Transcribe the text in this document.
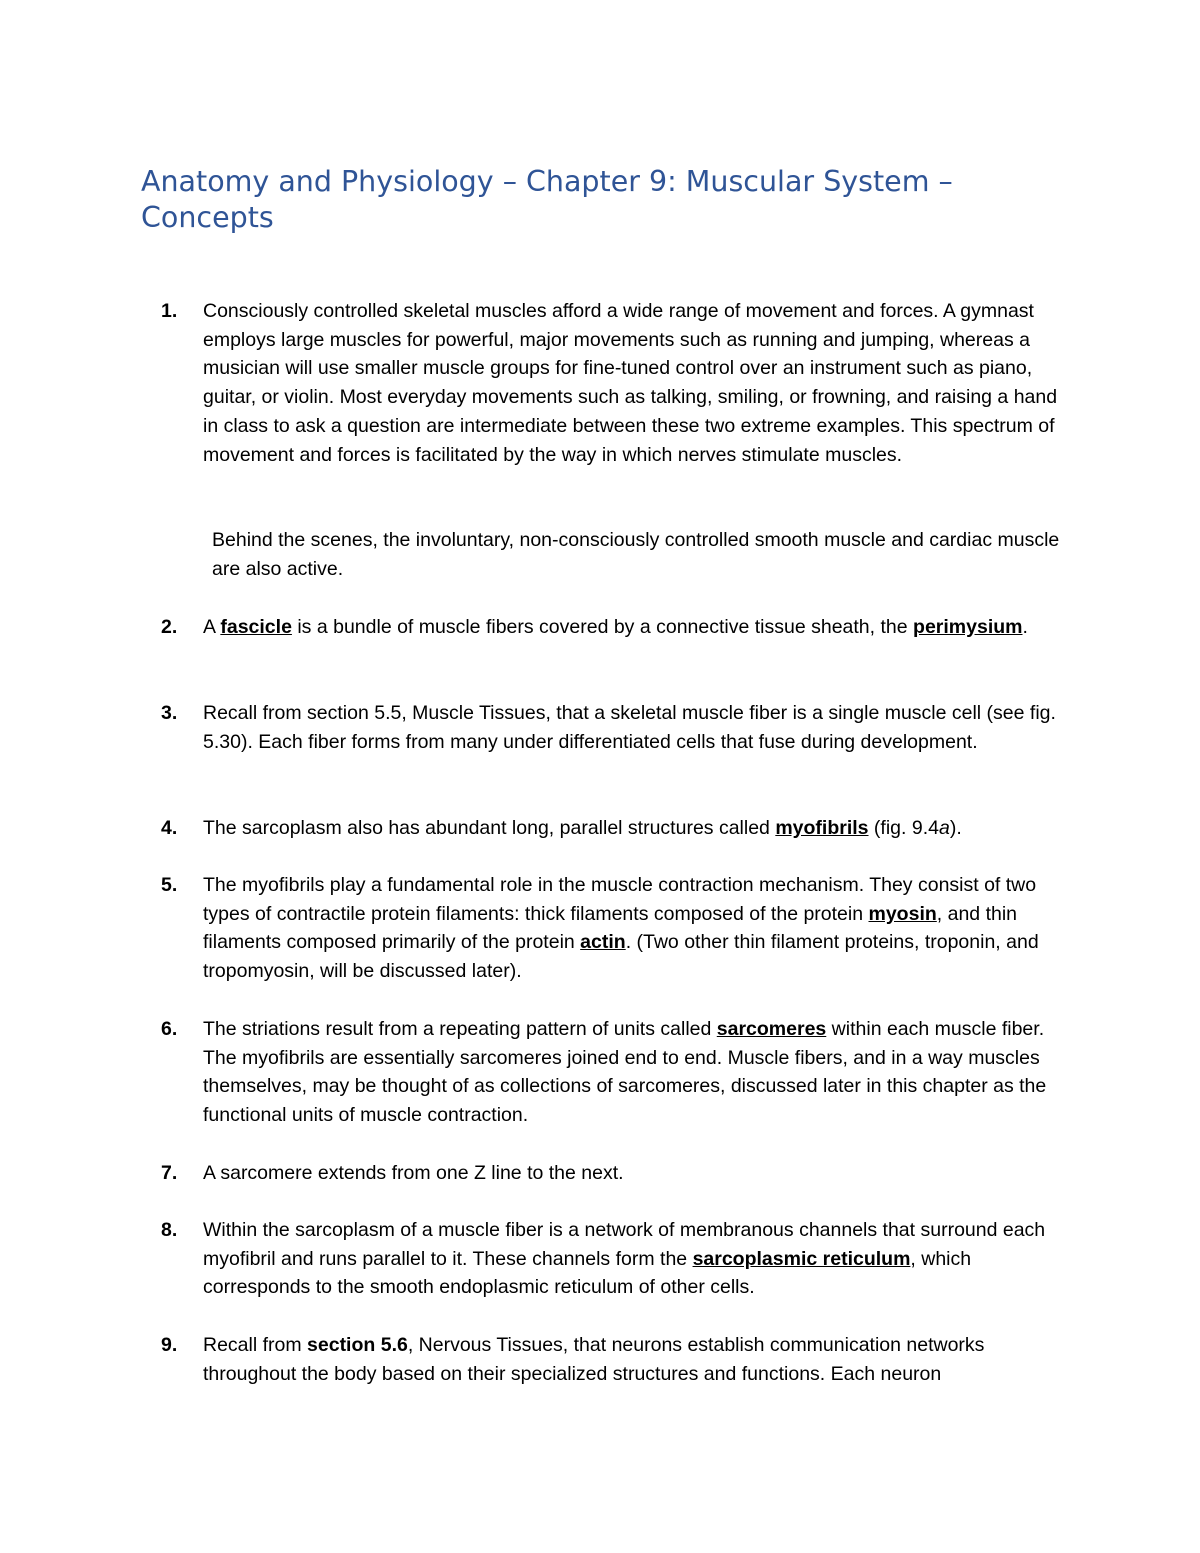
Anatomy and Physiology – Chapter 9: Muscular System – Concepts
1.	Consciously controlled skeletal muscles afford a wide range of movement and forces. A gymnast employs large muscles for powerful, major movements such as running and jumping, whereas a musician will use smaller muscle groups for fine-tuned control over an instrument such as piano, guitar, or violin. Most everyday movements such as talking, smiling, or frowning, and raising a hand in class to ask a question are intermediate between these two extreme examples. This spectrum of movement and forces is facilitated by the way in which nerves stimulate muscles.

Behind the scenes, the involuntary, non-consciously controlled smooth muscle and cardiac muscle are also active.

2.	A fascicle is a bundle of muscle fibers covered by a connective tissue sheath, the perimysium.

3.	Recall from section 5.5, Muscle Tissues, that a skeletal muscle fiber is a single muscle cell (see fig. 5.30). Each fiber forms from many under differentiated cells that fuse during development.

4.	The sarcoplasm also has abundant long, parallel structures called myofibrils (fig. 9.4a).

5.	The myofibrils play a fundamental role in the muscle contraction mechanism. They consist of two types of contractile protein filaments: thick filaments composed of the protein myosin, and thin filaments composed primarily of the protein actin. (Two other thin filament proteins, troponin, and tropomyosin, will be discussed later).

6.	The striations result from a repeating pattern of units called sarcomeres within each muscle fiber. The myofibrils are essentially sarcomeres joined end to end. Muscle fibers, and in a way muscles themselves, may be thought of as collections of sarcomeres, discussed later in this chapter as the functional units of muscle contraction.

7.	A sarcomere extends from one Z line to the next.

8.	Within the sarcoplasm of a muscle fiber is a network of membranous channels that surround each myofibril and runs parallel to it. These channels form the sarcoplasmic reticulum, which corresponds to the smooth endoplasmic reticulum of other cells.

9.	Recall from section 5.6, Nervous Tissues, that neurons establish communication networks throughout the body based on their specialized structures and functions. Each neuron
